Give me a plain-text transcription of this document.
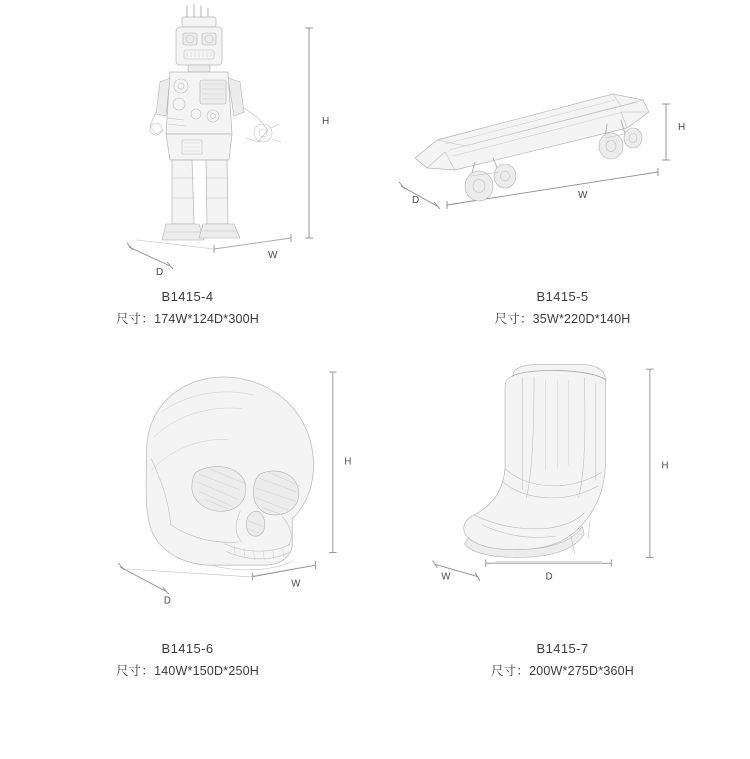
H
W
D
B1415-4
尺寸：174W*124D*300H
H
W
D
B1415-5
尺寸：35W*220D*140H
H
W
D
B1415-6
尺寸：140W*150D*250H
H
D
W
B1415-7
尺寸：200W*275D*360H
